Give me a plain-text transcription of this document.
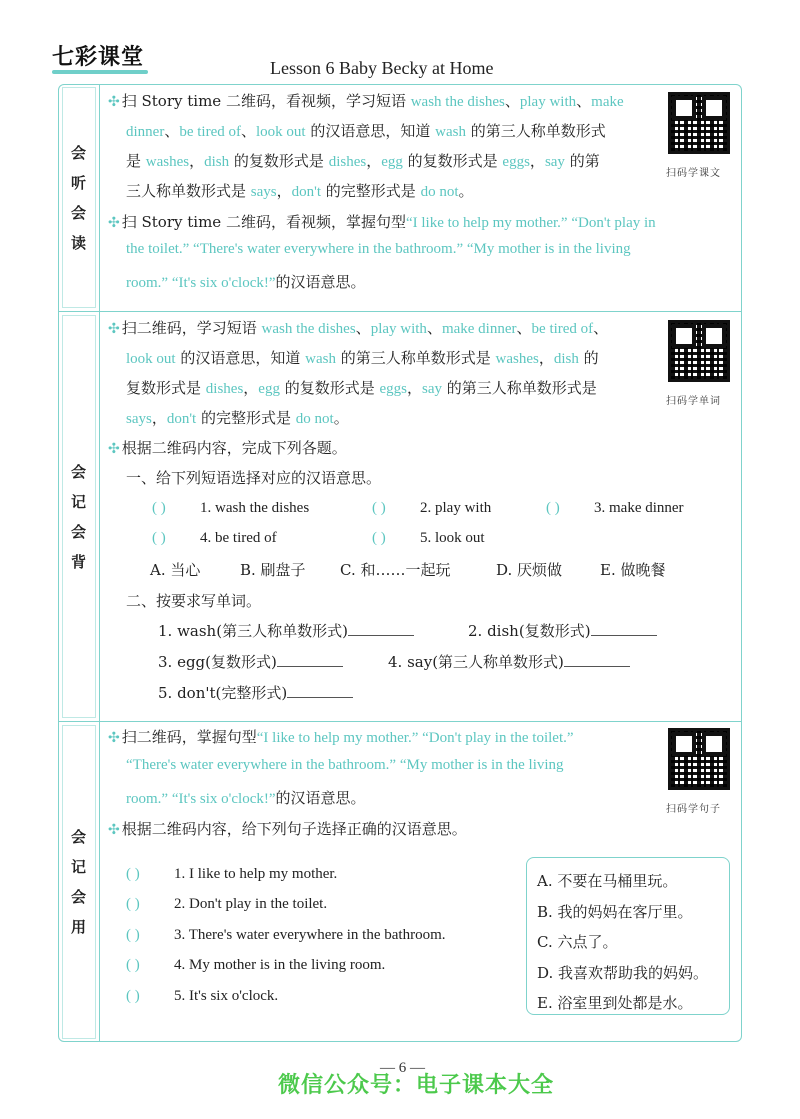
七彩课堂	Lesson 6 Baby Becky at Home
会
听
会
读
扫码学课文
✣ 扫 Story time 二维码，看视频，学习短语 wash the dishes、play with、make
dinner、be tired of、look out 的汉语意思，知道 wash 的第三人称单数形式
是 washes，dish 的复数形式是 dishes，egg 的复数形式是 eggs，say 的第
三人称单数形式是 says，don't 的完整形式是 do not。
✣ 扫 Story time 二维码，看视频，掌握句型“I like to help my mother.” “Don't play in
the toilet.” “There's water everywhere in the bathroom.” “My mother is in the living
room.” “It's six o'clock!”的汉语意思。
会
记
会
背
扫码学单词
✣ 扫二维码，学习短语 wash the dishes、play with、make dinner、be tired of、
look out 的汉语意思，知道 wash 的第三人称单数形式是 washes，dish 的
复数形式是 dishes，egg 的复数形式是 eggs，say 的第三人称单数形式是
says，don't 的完整形式是 do not。
✣ 根据二维码内容，完成下列各题。
一、给下列短语选择对应的汉语意思。
( ) 1. wash the dishes	( ) 2. play with	( ) 3. make dinner
( ) 4. be tired of	( ) 5. look out
A. 当心	B. 刷盘子 C. 和……一起玩	D. 厌烦做	E. 做晚餐
二、按要求写单词。
1. wash(第三人称单数形式)	2. dish(复数形式)
3. egg(复数形式)	4. say(第三人称单数形式)
5. don't(完整形式)
会
记
会
用
扫码学句子
✣ 扫二维码，掌握句型“I like to help my mother.” “Don't play in the toilet.”
“There's water everywhere in the bathroom.” “My mother is in the living
room.” “It's six o'clock!”的汉语意思。
✣ 根据二维码内容，给下列句子选择正确的汉语意思。
( ) 1. I like to help my mother.
( ) 2. Don't play in the toilet.
( ) 3. There's water everywhere in the bathroom.
( ) 4. My mother is in the living room.
( ) 5. It's six o'clock.
A. 不要在马桶里玩。
B. 我的妈妈在客厅里。
C. 六点了。
D. 我喜欢帮助我的妈妈。
E. 浴室里到处都是水。
— 6 —
微信公众号：电子课本大全
